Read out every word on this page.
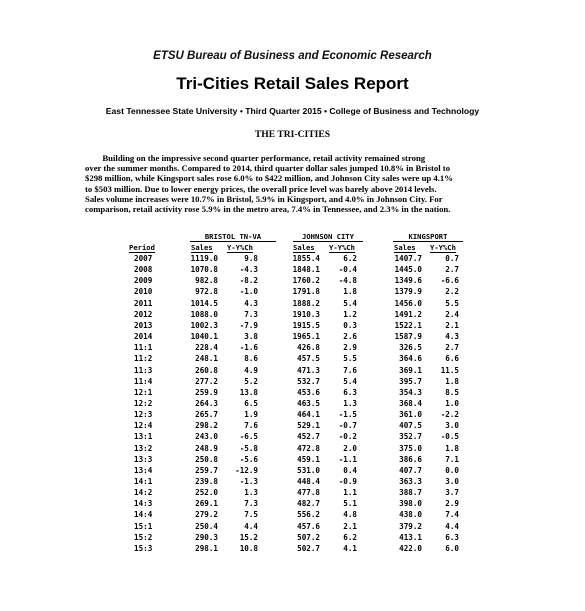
ETSU Bureau of Business and Economic Research
Tri-Cities Retail Sales Report
East Tennessee State University • Third Quarter 2015 • College of Business and Technology
THE TRI-CITIES
Building on the impressive second quarter performance, retail activity remained strong
over the summer months. Compared to 2014, third quarter dollar sales jumped 10.8% in Bristol to
$298 million, while Kingsport sales rose 6.0% to $422 million, and Johnson City sales were up 4.1%
to $503 million. Due to lower energy prices, the overall price level was barely above 2014 levels.
Sales volume increases were 10.7% in Bristol, 5.9% in Kingsport, and 4.0% in Johnson City. For
comparison, retail activity rose 5.9% in the metro area, 7.4% in Tennessee, and 2.3% in the nation.
BRISTOL TN-VA	JOHNSON CITY	KINGSPORT
Period	Sales Y-Y%Ch	Sales Y-Y%Ch	Sales Y-Y%Ch
2007	1119.0	9.8	1855.4	6.2	1407.7	0.7
2008	1070.8	-4.3	1848.1	-0.4	1445.0	2.7
2009	982.8	-8.2	1760.2	-4.8	1349.6	-6.6
2010	972.8	-1.0	1791.8	1.8	1379.9	2.2
2011	1014.5	4.3	1888.2	5.4	1456.0	5.5
2012	1088.0	7.3	1910.3	1.2	1491.2	2.4
2013	1002.3	-7.9	1915.5	0.3	1522.1	2.1
2014	1040.1	3.8	1965.1	2.6	1587.9	4.3
11:1	228.4	-1.6	426.8	2.9	326.5	2.7
11:2	248.1	8.6	457.5	5.5	364.6	6.6
11:3	260.8	4.9	471.3	7.6	369.1	11.5
11:4	277.2	5.2	532.7	5.4	395.7	1.8
12:1	259.9	13.8	453.6	6.3	354.3	8.5
12:2	264.3	6.5	463.5	1.3	368.4	1.0
12:3	265.7	1.9	464.1	-1.5	361.0	-2.2
12:4	298.2	7.6	529.1	-0.7	407.5	3.0
13:1	243.0	-6.5	452.7	-0.2	352.7	-0.5
13:2	248.9	-5.8	472.8	2.0	375.0	1.8
13:3	250.8	-5.6	459.1	-1.1	386.6	7.1
13:4	259.7	-12.9	531.0	0.4	407.7	0.0
14:1	239.8	-1.3	448.4	-0.9	363.3	3.0
14:2	252.0	1.3	477.8	1.1	388.7	3.7
14:3	269.1	7.3	482.7	5.1	398.0	2.9
14:4	279.2	7.5	556.2	4.8	438.0	7.4
15:1	250.4	4.4	457.6	2.1	379.2	4.4
15:2	290.3	15.2	507.2	6.2	413.1	6.3
15:3	298.1	10.8	502.7	4.1	422.0	6.0
